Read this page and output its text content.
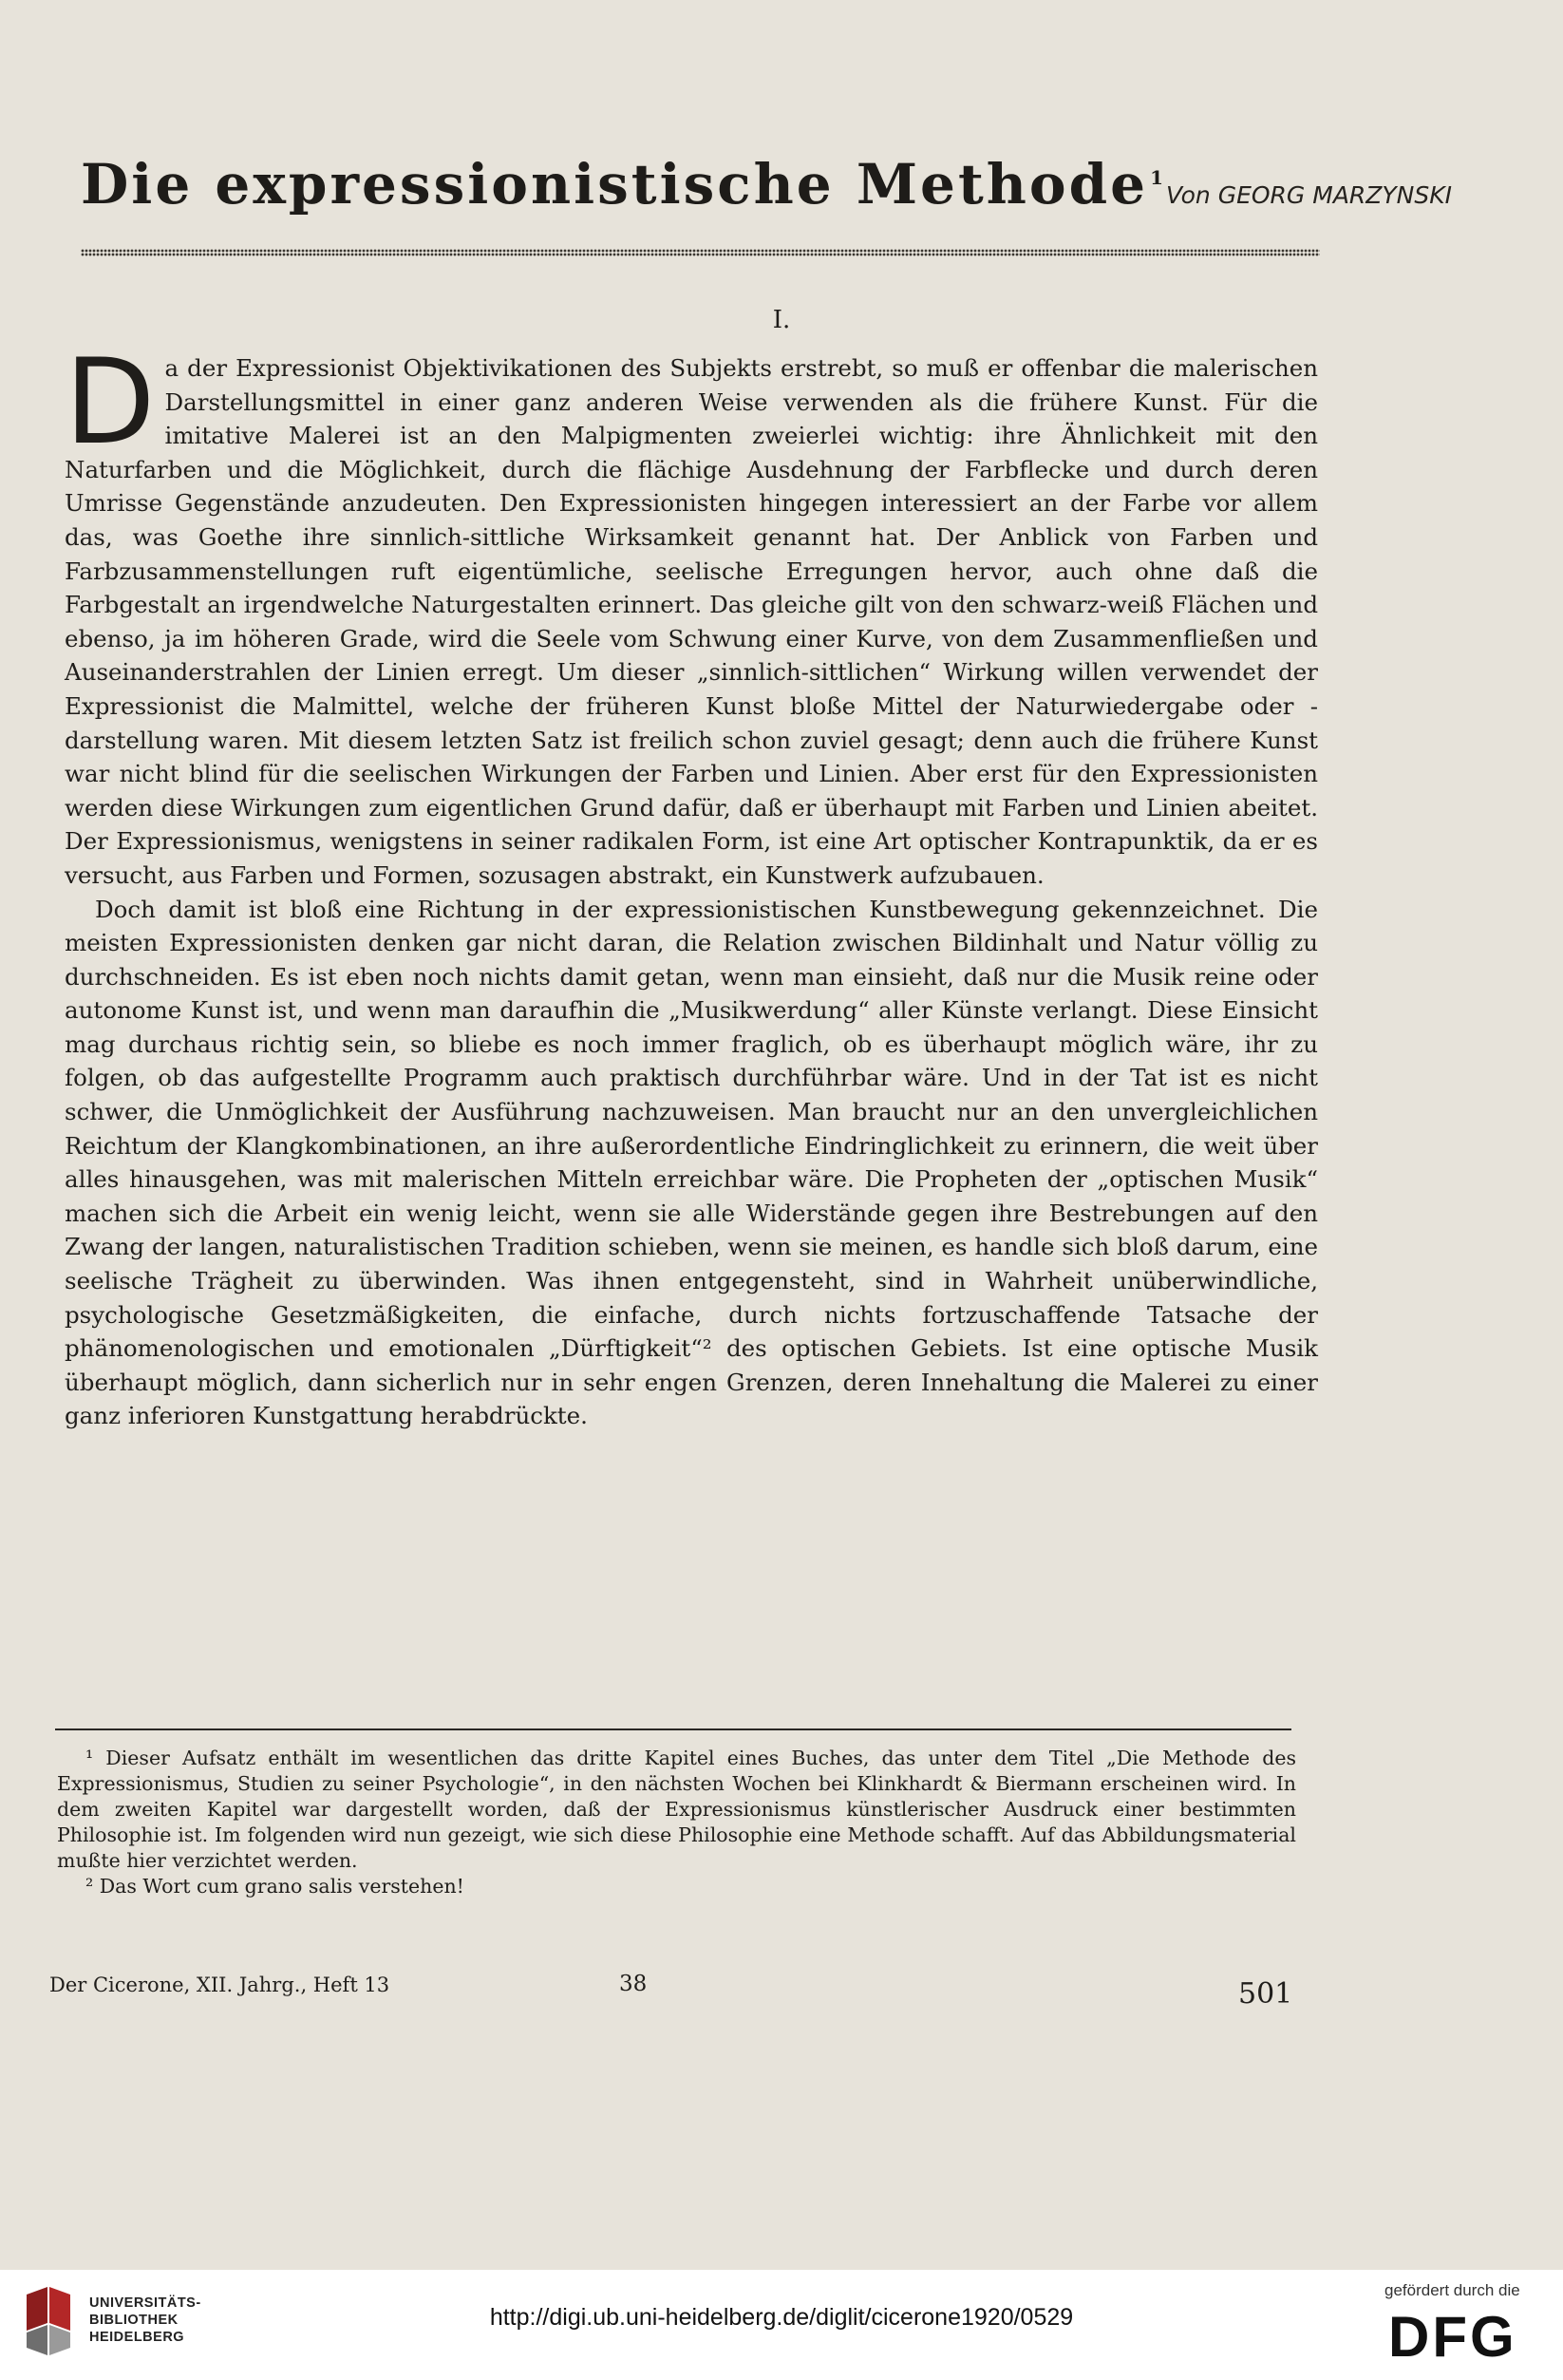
Die expressionistische Methode $^1$
Von GEORG MARZYNSKI
I.

Da der Expressionist Objektivikationen des Subjekts erstrebt, so muß er offenbar die malerischen Darstellungsmittel in einer ganz anderen Weise verwenden als die frühere Kunst. Für die imitative Malerei ist an den Malpigmenten zweierlei wichtig: ihre Ähnlichkeit mit den Naturfarben und die Möglichkeit, durch die flächige Ausdehnung der Farbflecke und durch deren Umrisse Gegenstände anzudeuten. Den Expressionisten hingegen interessiert an der Farbe vor allem das, was Goethe ihre sinnlich-sittliche Wirksamkeit genannt hat. Der Anblick von Farben und Farbzusammenstellungen ruft eigentümliche, seelische Erregungen hervor, auch ohne daß die Farbgestalt an irgendwelche Naturgestalten erinnert. Das gleiche gilt von den schwarz-weiß Flächen und ebenso, ja im höheren Grade, wird die Seele vom Schwung einer Kurve, von dem Zusammenfließen und Auseinanderstrahlen der Linien erregt. Um dieser „sinnlich-sittlichen“ Wirkung willen verwendet der Expressionist die Malmittel, welche der früheren Kunst bloße Mittel der Naturwiedergabe oder -darstellung waren. Mit diesem letzten Satz ist freilich schon zuviel gesagt; denn auch die frühere Kunst war nicht blind für die seelischen Wirkungen der Farben und Linien. Aber erst für den Expressionisten werden diese Wirkungen zum eigentlichen Grund dafür, daß er überhaupt mit Farben und Linien abeitet. Der Expressionismus, wenigstens in seiner radikalen Form, ist eine Art optischer Kontrapunktik, da er es versucht, aus Farben und Formen, sozusagen abstrakt, ein Kunstwerk aufzubauen.

Doch damit ist bloß eine Richtung in der expressionistischen Kunstbewegung gekennzeichnet. Die meisten Expressionisten denken gar nicht daran, die Relation zwischen Bildinhalt und Natur völlig zu durchschneiden. Es ist eben noch nichts damit getan, wenn man einsieht, daß nur die Musik reine oder autonome Kunst ist, und wenn man daraufhin die „Musikwerdung“ aller Künste verlangt. Diese Einsicht mag durchaus richtig sein, so bliebe es noch immer fraglich, ob es überhaupt möglich wäre, ihr zu folgen, ob das aufgestellte Programm auch praktisch durchführbar wäre. Und in der Tat ist es nicht schwer, die Unmöglichkeit der Ausführung nachzuweisen. Man braucht nur an den unvergleichlichen Reichtum der Klangkombinationen, an ihre außerordentliche Eindringlichkeit zu erinnern, die weit über alles hinausgehen, was mit malerischen Mitteln erreichbar wäre. Die Propheten der „optischen Musik“ machen sich die Arbeit ein wenig leicht, wenn sie alle Widerstände gegen ihre Bestrebungen auf den Zwang der langen, naturalistischen Tradition schieben, wenn sie meinen, es handle sich bloß darum, eine seelische Trägheit zu überwinden. Was ihnen entgegensteht, sind in Wahrheit unüberwindliche, psychologische Gesetzmäßigkeiten, die einfache, durch nichts fortzuschaffende Tatsache der phänomenologischen und emotionalen „Dürftigkeit“² des optischen Gebiets. Ist eine optische Musik überhaupt möglich, dann sicherlich nur in sehr engen Grenzen, deren Innehaltung die Malerei zu einer ganz inferioren Kunstgattung herabdrückte.

¹ Dieser Aufsatz enthält im wesentlichen das dritte Kapitel eines Buches, das unter dem Titel „Die Methode des Expressionismus, Studien zu seiner Psychologie“, in den nächsten Wochen bei Klinkhardt & Biermann erscheinen wird. In dem zweiten Kapitel war dargestellt worden, daß der Expressionismus künstlerischer Ausdruck einer bestimmten Philosophie ist. Im folgenden wird nun gezeigt, wie sich diese Philosophie eine Methode schafft. Auf das Abbildungsmaterial mußte hier verzichtet werden.

² Das Wort cum grano salis verstehen!

Der Cicerone, XII. Jahrg., Heft 13	38	501
UNIVERSITÄTS-
BIBLIOTHEK
HEIDELBERG
http://digi.ub.uni-heidelberg.de/diglit/cicerone1920/0529
gefördert durch die
DFG
